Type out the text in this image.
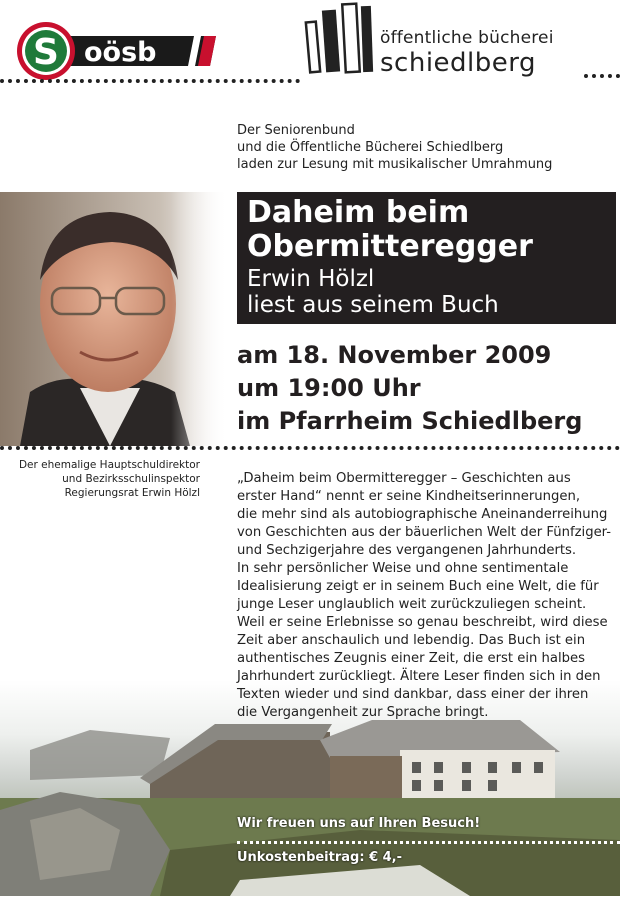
S oösb	öffentliche bücherei
schiedlberg
Der Seniorenbund
und die Öffentliche Bücherei Schiedlberg
laden zur Lesung mit musikalischer Umrahmung
Daheim beim
Obermitteregger
Erwin Hölzl
liest aus seinem Buch
am 18. November 2009
um 19:00 Uhr
im Pfarrheim Schiedlberg
Der ehemalige Hauptschuldirektor
und Bezirksschulinspektor
Regierungsrat Erwin Hölzl
„Daheim beim Obermitteregger – Geschichten aus
erster Hand“ nennt er seine Kindheitserinnerungen,
die mehr sind als autobiographische Aneinanderreihung
von Geschichten aus der bäuerlichen Welt der Fünfziger-
und Sechzigerjahre des vergangenen Jahrhunderts.
In sehr persönlicher Weise und ohne sentimentale
Idealisierung zeigt er in seinem Buch eine Welt, die für
junge Leser unglaublich weit zurückzuliegen scheint.
Weil er seine Erlebnisse so genau beschreibt, wird diese
Zeit aber anschaulich und lebendig. Das Buch ist ein
authentisches Zeugnis einer Zeit, die erst ein halbes
Jahrhundert zurückliegt. Ältere Leser finden sich in den
Texten wieder und sind dankbar, dass einer der ihren
die Vergangenheit zur Sprache bringt.
Wir freuen uns auf Ihren Besuch!
Unkostenbeitrag: € 4,-
